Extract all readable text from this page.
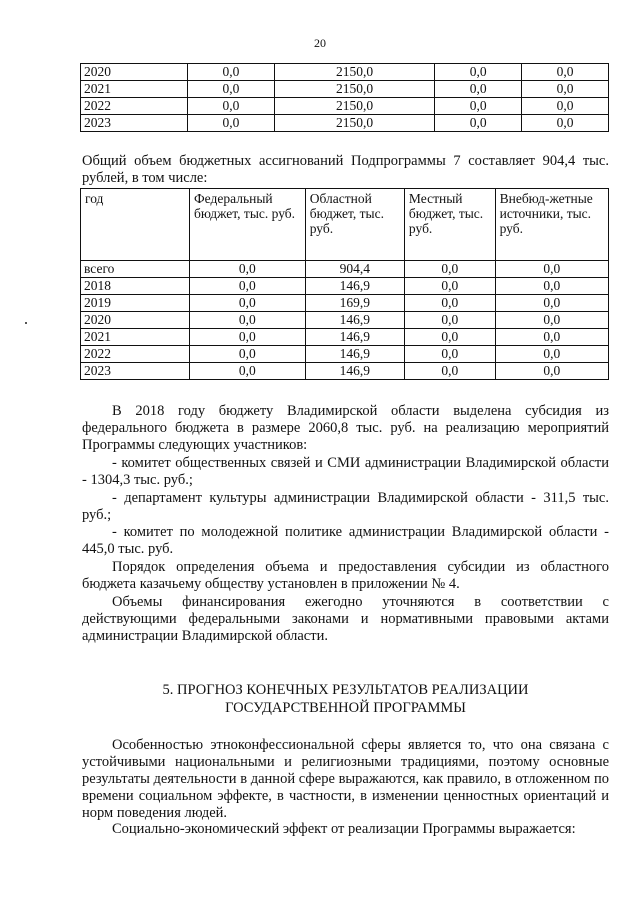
20
2020	0,0	2150,0	0,0	0,0
2021	0,0	2150,0	0,0	0,0
2022	0,0	2150,0	0,0	0,0
2023	0,0	2150,0	0,0	0,0
Общий объем бюджетных ассигнований Подпрограммы 7 составляет 904,4 тыс. рублей, в том числе:
год	Федеральный бюджет, тыс. руб.	Областной бюджет, тыс. руб.	Местный бюджет, тыс. руб.	Внебюд-жетные источники, тыс. руб.
всего	0,0	904,4	0,0	0,0
2018	0,0	146,9	0,0	0,0
2019	0,0	169,9	0,0	0,0
2020	0,0	146,9	0,0	0,0
2021	0,0	146,9	0,0	0,0
2022	0,0	146,9	0,0	0,0
2023	0,0	146,9	0,0	0,0
В 2018 году бюджету Владимирской области выделена субсидия из федерального бюджета в размере 2060,8 тыс. руб. на реализацию мероприятий Программы следующих участников:
- комитет общественных связей и СМИ администрации Владимирской области - 1304,3 тыс. руб.;
- департамент культуры администрации Владимирской области - 311,5 тыс. руб.;
- комитет по молодежной политике администрации Владимирской области - 445,0 тыс. руб.
Порядок определения объема и предоставления субсидии из областного бюджета казачьему обществу установлен в приложении № 4.
Объемы финансирования ежегодно уточняются в соответствии с действующими федеральными законами и нормативными правовыми актами администрации Владимирской области.
5. ПРОГНОЗ КОНЕЧНЫХ РЕЗУЛЬТАТОВ РЕАЛИЗАЦИИ
ГОСУДАРСТВЕННОЙ ПРОГРАММЫ
Особенностью этноконфессиональной сферы является то, что она связана с устойчивыми национальными и религиозными традициями, поэтому основные результаты деятельности в данной сфере выражаются, как правило, в отложенном по времени социальном эффекте, в частности, в изменении ценностных ориентаций и норм поведения людей.
Социально-экономический эффект от реализации Программы выражается:
